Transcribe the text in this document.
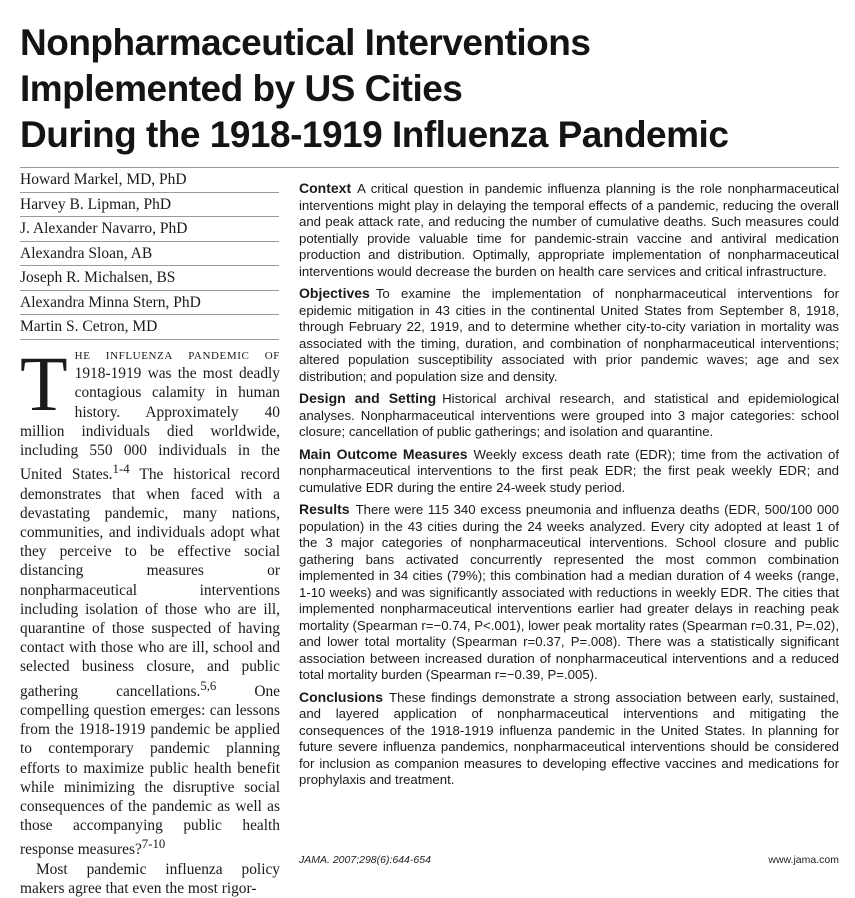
Nonpharmaceutical Interventions
Implemented by US Cities
During the 1918-1919 Influenza Pandemic
Howard Markel, MD, PhD
Harvey B. Lipman, PhD
J. Alexander Navarro, PhD
Alexandra Sloan, AB
Joseph R. Michalsen, BS
Alexandra Minna Stern, PhD
Martin S. Cetron, MD

The influenza pandemic of 1918-1919 was the most deadly contagious calamity in human history. Approximately 40 million individuals died worldwide, including 550 000 individuals in the United States.$^{1-4}$ The historical record demonstrates that when faced with a devastating pandemic, many nations, communities, and individuals adopt what they perceive to be effective social distancing measures or nonpharmaceutical interventions including isolation of those who are ill, quarantine of those suspected of having contact with those who are ill, school and selected business closure, and public gathering cancellations.$^{5,6}$ One compelling question emerges: can lessons from the 1918-1919 pandemic be applied to contemporary pandemic planning efforts to maximize public health benefit while minimizing the disruptive social consequences of the pandemic as well as those accompanying public health response measures?$^{7-10}$

Most pandemic influenza policy makers agree that even the most rigor-

Context A critical question in pandemic influenza planning is the role nonpharmaceutical interventions might play in delaying the temporal effects of a pandemic, reducing the overall and peak attack rate, and reducing the number of cumulative deaths. Such measures could potentially provide valuable time for pandemic-strain vaccine and antiviral medication production and distribution. Optimally, appropriate implementation of nonpharmaceutical interventions would decrease the burden on health care services and critical infrastructure.

Objectives To examine the implementation of nonpharmaceutical interventions for epidemic mitigation in 43 cities in the continental United States from September 8, 1918, through February 22, 1919, and to determine whether city-to-city variation in mortality was associated with the timing, duration, and combination of nonpharmaceutical interventions; altered population susceptibility associated with prior pandemic waves; age and sex distribution; and population size and density.

Design and Setting Historical archival research, and statistical and epidemiological analyses. Nonpharmaceutical interventions were grouped into 3 major categories: school closure; cancellation of public gatherings; and isolation and quarantine.

Main Outcome Measures Weekly excess death rate (EDR); time from the activation of nonpharmaceutical interventions to the first peak EDR; the first peak weekly EDR; and cumulative EDR during the entire 24-week study period.

Results There were 115 340 excess pneumonia and influenza deaths (EDR, 500/100 000 population) in the 43 cities during the 24 weeks analyzed. Every city adopted at least 1 of the 3 major categories of nonpharmaceutical interventions. School closure and public gathering bans activated concurrently represented the most common combination implemented in 34 cities (79%); this combination had a median duration of 4 weeks (range, 1-10 weeks) and was significantly associated with reductions in weekly EDR. The cities that implemented nonpharmaceutical interventions earlier had greater delays in reaching peak mortality (Spearman r=−0.74, P<.001), lower peak mortality rates (Spearman r=0.31, P=.02), and lower total mortality (Spearman r=0.37, P=.008). There was a statistically significant association between increased duration of nonpharmaceutical interventions and a reduced total mortality burden (Spearman r=−0.39, P=.005).

Conclusions These findings demonstrate a strong association between early, sustained, and layered application of nonpharmaceutical interventions and mitigating the consequences of the 1918-1919 influenza pandemic in the United States. In planning for future severe influenza pandemics, nonpharmaceutical interventions should be considered for inclusion as companion measures to developing effective vaccines and medications for prophylaxis and treatment.

JAMA. 2007;298(6):644-654	www.jama.com
